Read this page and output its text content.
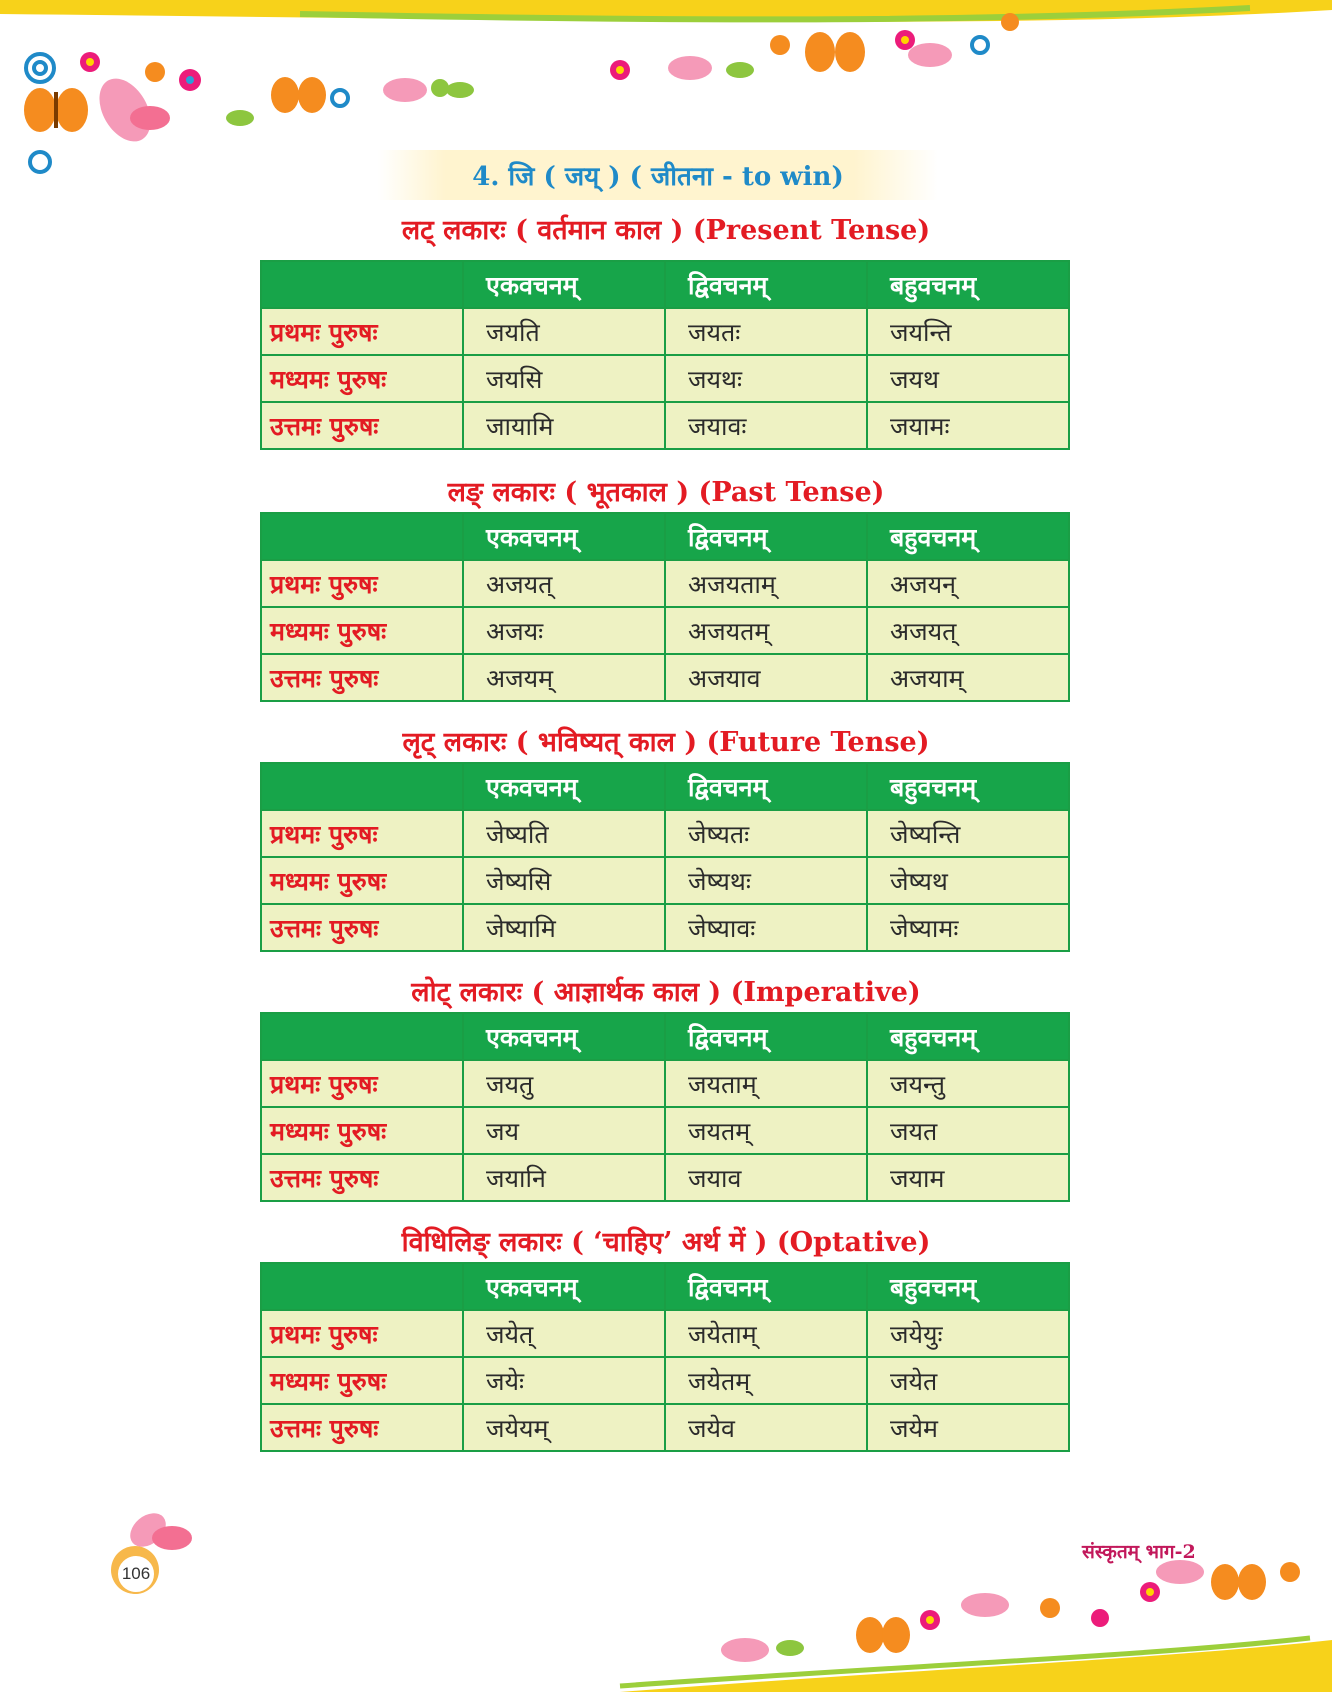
4. जि ( जय् ) ( जीतना - to win)
लट् लकारः ( वर्तमान काल ) (Present Tense)
	एकवचनम्	द्विवचनम्	बहुवचनम्
प्रथमः पुरुषः	जयति	जयतः	जयन्ति
मध्यमः पुरुषः	जयसि	जयथः	जयथ
उत्तमः पुरुषः	जायामि	जयावः	जयामः
लङ् लकारः ( भूतकाल ) (Past Tense)
	एकवचनम्	द्विवचनम्	बहुवचनम्
प्रथमः पुरुषः	अजयत्	अजयताम्	अजयन्
मध्यमः पुरुषः	अजयः	अजयतम्	अजयत्
उत्तमः पुरुषः	अजयम्	अजयाव	अजयाम्
लृट् लकारः ( भविष्यत् काल ) (Future Tense)
	एकवचनम्	द्विवचनम्	बहुवचनम्
प्रथमः पुरुषः	जेष्यति	जेष्यतः	जेष्यन्ति
मध्यमः पुरुषः	जेष्यसि	जेष्यथः	जेष्यथ
उत्तमः पुरुषः	जेष्यामि	जेष्यावः	जेष्यामः
लोट् लकारः ( आज्ञार्थक काल ) (Imperative)
	एकवचनम्	द्विवचनम्	बहुवचनम्
प्रथमः पुरुषः	जयतु	जयताम्	जयन्तु
मध्यमः पुरुषः	जय	जयतम्	जयत
उत्तमः पुरुषः	जयानि	जयाव	जयाम
विधिलिङ् लकारः ( ‘चाहिए’ अर्थ में ) (Optative)
	एकवचनम्	द्विवचनम्	बहुवचनम्
प्रथमः पुरुषः	जयेत्	जयेताम्	जयेयुः
मध्यमः पुरुषः	जयेः	जयेतम्	जयेत
उत्तमः पुरुषः	जयेयम्	जयेव	जयेम
106
संस्कृतम् भाग-2
